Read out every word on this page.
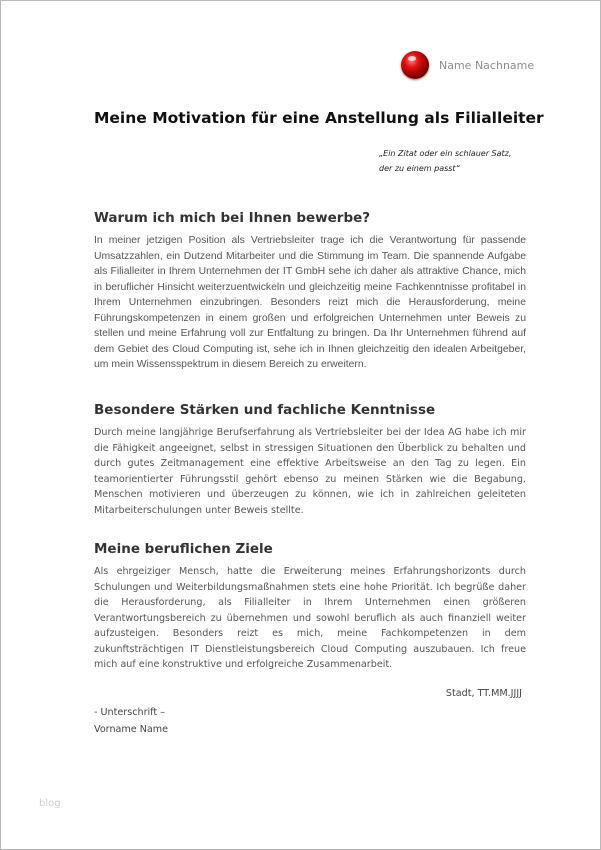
Name Nachname
Meine Motivation für eine Anstellung als Filialleiter
„Ein Zitat oder ein schlauer Satz,
der zu einem passt“
Warum ich mich bei Ihnen bewerbe?

In meiner jetzigen Position als Vertriebsleiter trage ich die Verantwortung für passende Umsatzzahlen, ein Dutzend Mitarbeiter und die Stimmung im Team. Die spannende Aufgabe als Filialleiter in Ihrem Unternehmen der IT GmbH sehe ich daher als attraktive Chance, mich in beruflicher Hinsicht weiterzuentwickeln und gleichzeitig meine Fachkenntnisse profitabel in Ihrem Unternehmen einzubringen. Besonders reizt mich die Herausforderung, meine Führungskompetenzen in einem großen und erfolgreichen Unternehmen unter Beweis zu stellen und meine Erfahrung voll zur Entfaltung zu bringen. Da Ihr Unternehmen führend auf dem Gebiet des Cloud Computing ist, sehe ich in Ihnen gleichzeitig den idealen Arbeitgeber, um mein Wissensspektrum in diesem Bereich zu erweitern.

Besondere Stärken und fachliche Kenntnisse

Durch meine langjährige Berufserfahrung als Vertriebsleiter bei der Idea AG habe ich mir die Fähigkeit angeeignet, selbst in stressigen Situationen den Überblick zu behalten und durch gutes Zeitmanagement eine effektive Arbeitsweise an den Tag zu legen. Ein teamorientierter Führungsstil gehört ebenso zu meinen Stärken wie die Begabung, Menschen motivieren und überzeugen zu können, wie ich in zahlreichen geleiteten Mitarbeiterschulungen unter Beweis stellte.

Meine beruflichen Ziele

Als ehrgeiziger Mensch, hatte die Erweiterung meines Erfahrungshorizonts durch Schulungen und Weiterbildungsmaßnahmen stets eine hohe Priorität. Ich begrüße daher die Herausforderung, als Filialleiter in Ihrem Unternehmen einen größeren Verantwortungsbereich zu übernehmen und sowohl beruflich als auch finanziell weiter aufzusteigen. Besonders reizt es mich, meine Fachkompetenzen in dem zukunftsträchtigen IT Dienstleistungsbereich Cloud Computing auszubauen. Ich freue mich auf eine konstruktive und erfolgreiche Zusammenarbeit.

Stadt, TT.MM.JJJJ
- Unterschrift –
Vorname Name
blog
